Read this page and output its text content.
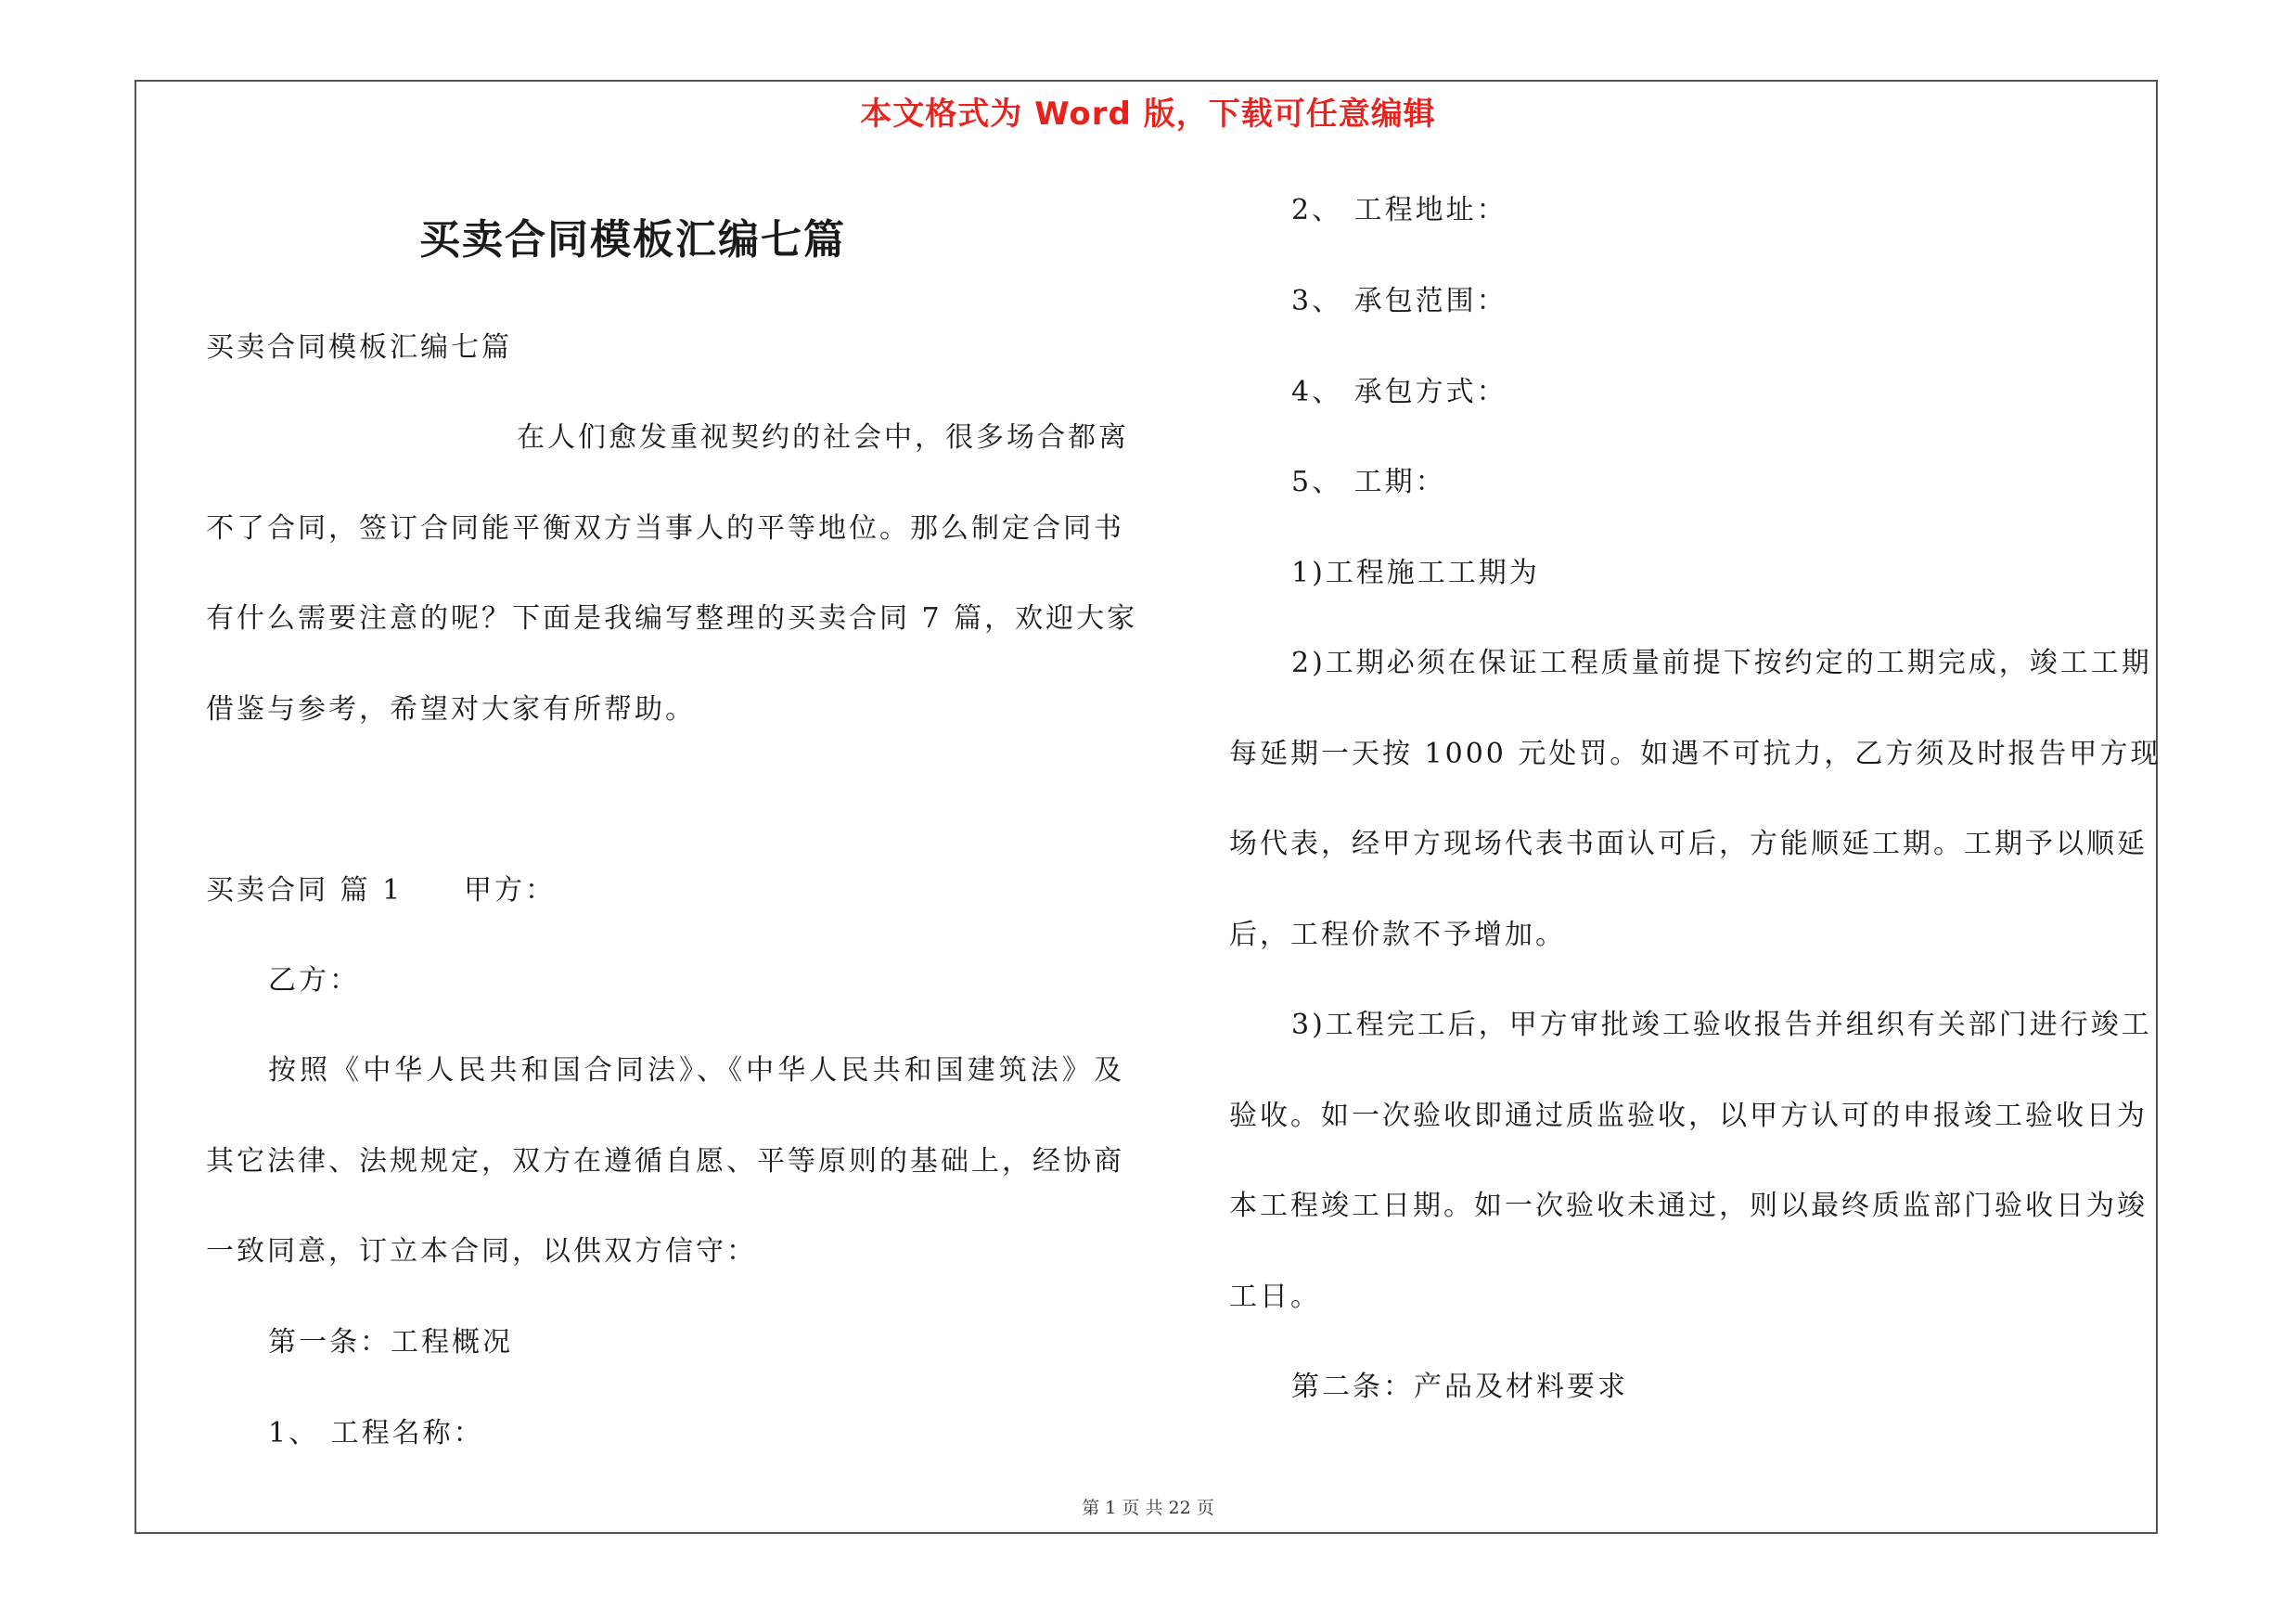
本文格式为 Word 版，下载可任意编辑
买卖合同模板汇编七篇
买卖合同模板汇编七篇
在人们愈发重视契约的社会中，很多场合都离
不了合同，签订合同能平衡双方当事人的平等地位。那么制定合同书
有什么需要注意的呢？下面是我编写整理的买卖合同 7 篇，欢迎大家
借鉴与参考，希望对大家有所帮助。
买卖合同 篇 1 甲方：
乙方：
按照《中华人民共和国合同法》、《中华人民共和国建筑法》及
其它法律、法规规定，双方在遵循自愿、平等原则的基础上，经协商
一致同意，订立本合同，以供双方信守：
第一条：工程概况
1、 工程名称：
2、 工程地址：
3、 承包范围：
4、 承包方式：
5、 工期：
1)工程施工工期为
2)工期必须在保证工程质量前提下按约定的工期完成，竣工工期
每延期一天按 1000 元处罚。如遇不可抗力，乙方须及时报告甲方现
场代表，经甲方现场代表书面认可后，方能顺延工期。工期予以顺延
后，工程价款不予增加。
3)工程完工后，甲方审批竣工验收报告并组织有关部门进行竣工
验收。如一次验收即通过质监验收，以甲方认可的申报竣工验收日为
本工程竣工日期。如一次验收未通过，则以最终质监部门验收日为竣
工日。
第二条：产品及材料要求
第 1 页 共 22 页
